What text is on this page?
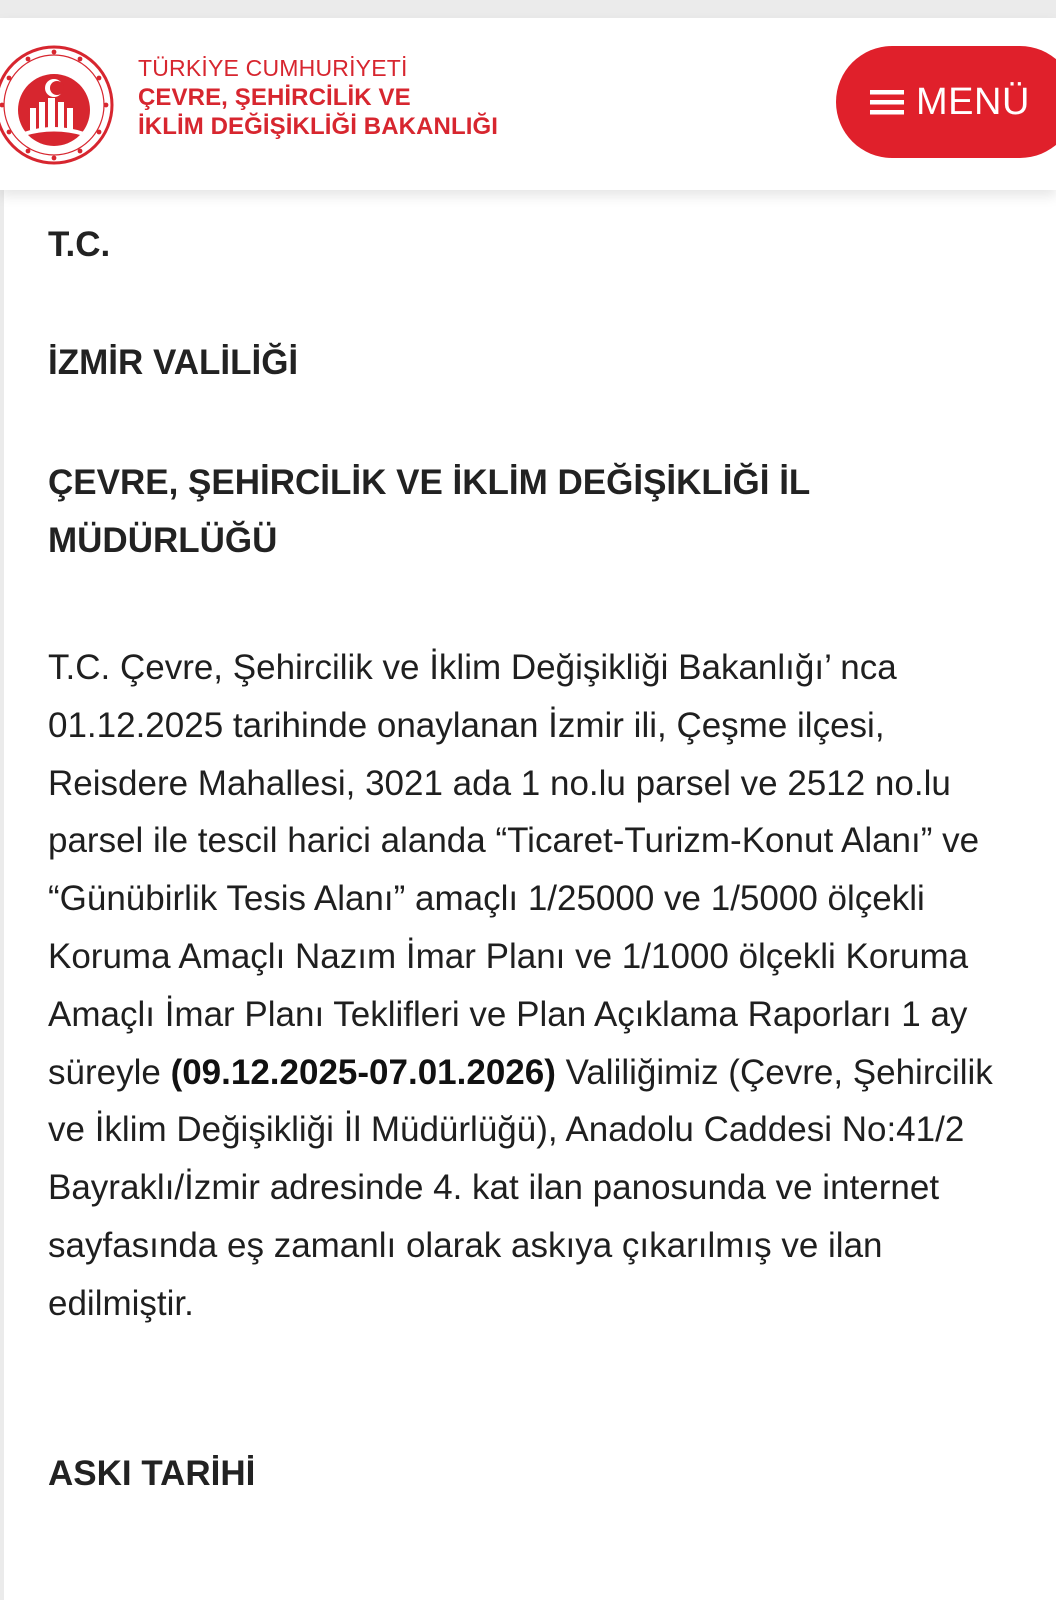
TÜRKİYE CUMHURİYETİ
ÇEVRE, ŞEHİRCİLİK VE
İKLİM DEĞİŞİKLİĞİ BAKANLIĞI
MENÜ
T.C.
İZMİR VALİLİĞİ
ÇEVRE, ŞEHİRCİLİK VE İKLİM DEĞİŞİKLİĞİ İL MÜDÜRLÜĞÜ

T.C. Çevre, Şehircilik ve İklim Değişikliği Bakanlığı’ nca 01.12.2025 tarihinde onaylanan İzmir ili, Çeşme ilçesi, Reisdere Mahallesi, 3021 ada 1 no.lu parsel ve 2512 no.lu parsel ile tescil harici alanda “Ticaret-Turizm-Konut Alanı” ve “Günübirlik Tesis Alanı” amaçlı 1/25000 ve 1/5000 ölçekli Koruma Amaçlı Nazım İmar Planı ve 1/1000 ölçekli Koruma Amaçlı İmar Planı Teklifleri ve Plan Açıklama Raporları 1 ay süreyle (09.12.2025-07.01.2026) Valiliğimiz (Çevre, Şehircilik ve İklim Değişikliği İl Müdürlüğü), Anadolu Caddesi No:41/2 Bayraklı/İzmir adresinde 4. kat ilan panosunda ve internet sayfasında eş zamanlı olarak askıya çıkarılmış ve ilan edilmiştir.

ASKI TARİHİ
